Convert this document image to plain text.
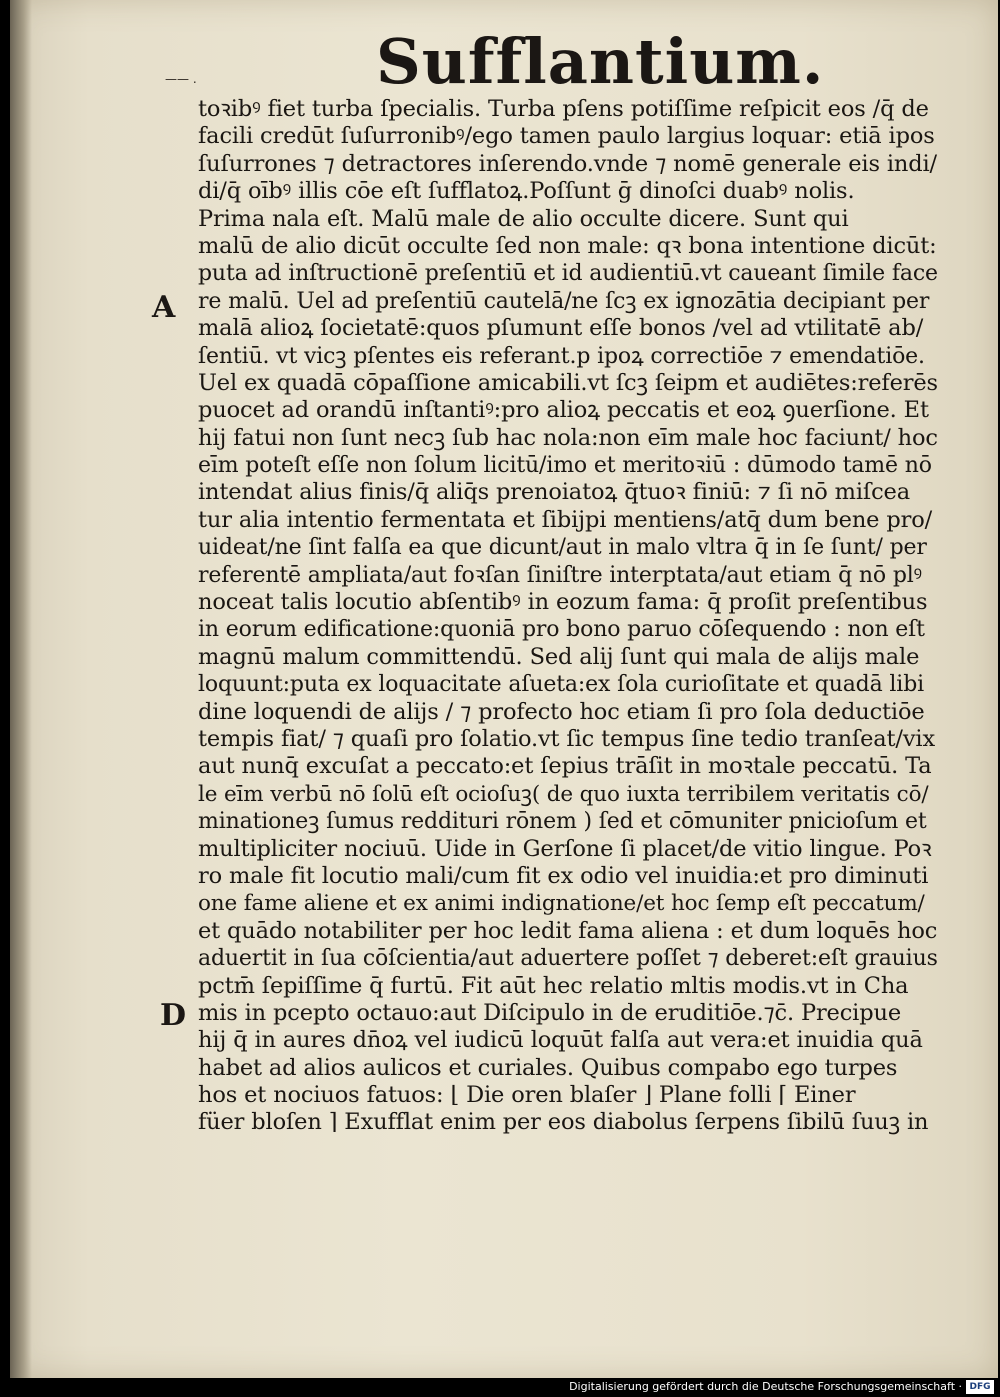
—— .	Sufflantium.
A
D
toꝛibꝰ fiet turba ſpecialis. Turba pſens potiſſime reſpicit eos /q̄ de
facili credūt ſuſurronibꝰ/ego tamen paulo largius loquar: etiā ipos
ſuſurrones ⁊ detractores inſerendo.vnde ⁊ nomē generale eis indi/
di/q̄ oībꝰ illis cōe eſt ſufflatoꝝ.Poſſunt ḡ dinoſci duabꝰ nolis.
Prima nala eſt. Malū male de alio occulte dicere. Sunt qui
malū de alio dicūt occulte ſed non male: qꝛ bona intentione dicūt:
puta ad inſtructionē preſentiū et id audientiū.vt caueant ſimile face
re malū. Uel ad preſentiū cautelā/ne ſcꝫ ex ignozātia decipiant̄ per
malā alioꝝ ſocietatē:quos pſumunt eſſe bonos /vel ad vtilitatē ab/
ſentiū. vt vicꝫ pſentes eis referant.p ipoꝝ correctiōe ⁊ emendatiōe.
Uel ex quadā cōpaſſione amicabili.vt ſcꝫ ſeipm et audiētes:referēs
puocet ad orandū inſtantiꝰ:pro alioꝝ peccatis et eoꝝ ꝯuerſione. Et
hij fatui non ſunt necꝫ ſub hac nola:non eīm male hoc faciunt/ hoc
eīm poteſt eſſe non ſolum licitū/imo et meritoꝛiū : dūmodo tamē nō
intendat̄ alius finis/q̄ aliq̄s prenoiatoꝝ q̄tuoꝛ finiū: ⁊ ſi nō miſcea
tur alia intentio fermentata et ſibijpi mentiens/atq̄ dum bene pro/
uideat̄/ne ſint falſa ea que dicunt̄/aut in malo vltra q̄ in ſe ſunt/ per
referentē ampliata/aut foꝛſan ſiniſtre interptata/aut etiam q̄ nō plꝰ
noceat talis locutio abſentibꝰ in eozum fama: q̄ proſit preſentibus
in eorum edificatione:quoniā pro bono paruo cōſequendo : non eſt
magnū malum committendū. Sed alij ſunt qui mala de alijs male
loquunt̄:puta ex loquacitate aſueta:ex ſola curioſitate et quadā libi
dine loquendi de alijs / ⁊ profecto hoc etiam ſi pro ſola deductiōe
tempis fiat/ ⁊ quaſi pro ſolatio.vt ſic tempus ſine tedio tranſeat/vix
aut nunq̄ excuſat̄ a peccato:et ſepius trāſit in moꝛtale peccatū. Ta
le eīm verbū nō ſolū eſt ocioſuꝫ( de quo iuxta terribilem veritatis cō/
minationeꝫ ſumus reddituri rōnem ) ſed et cōmuniter pnicioſum et
multipliciter nociuū. Uide in Gerſone ſi placet/de vitio lingue. Poꝛ
ro male fit locutio mali/cum fit ex odio vel inuidia:et pro diminuti
one fame aliene et ex animi indignatione/et hoc ſemp eſt peccatum/
et quādo notabiliter per hoc ledit̄ fama aliena : et dum loquēs hoc
aduertit in ſua cōſcientia/aut aduertere poſſet ⁊ deberet:eſt grauius
pctm̄ ſepiſſime q̄ furtū. Fit aūt hec relatio mltis modis.vt in Cha
mis in pcepto octauo:aut Diſcipulo in de eruditiōe.⁊c̄. Precipue
hij q̄ in aures dn̄oꝝ vel iudicū loquūt̄ falſa aut vera:et inuidia quā
habet ad alios aulicos et curiales. Quibus compabo ego turpes
hos et nociuos fatuos: ⌊ Die oren blaſer ⌋ Plane folli ⌈ Einer
füer bloſen ⌉ Exufflat enim per eos diabolus ſerpens ſibilū ſuuꝫ in
Digitalisierung gefördert durch die Deutsche Forschungsgemeinschaft · DFG
